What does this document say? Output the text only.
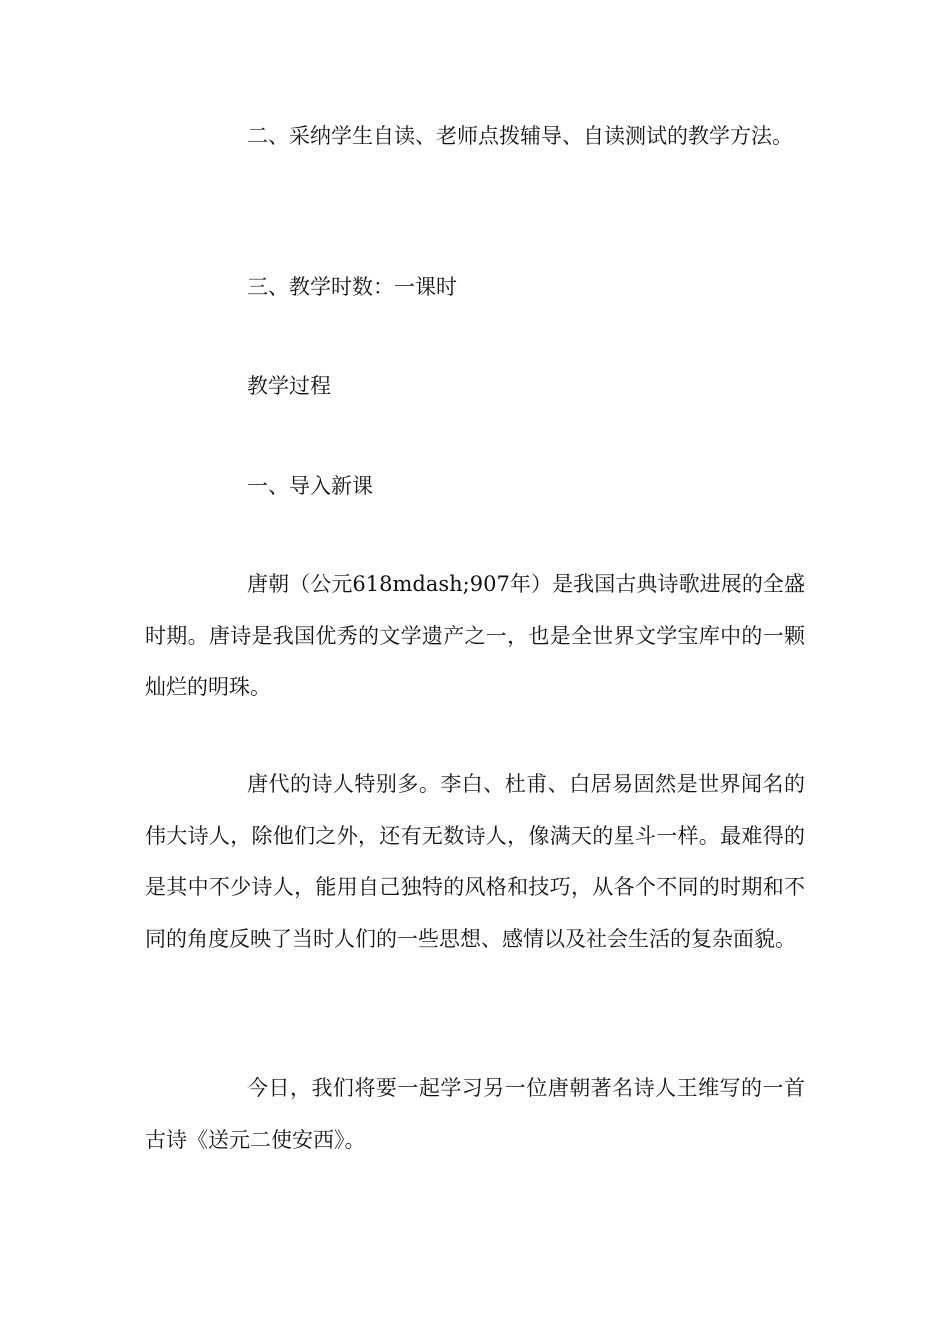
二、采纳学生自读、老师点拨辅导、自读测试的教学方法。

三、教学时数：一课时

教学过程

一、导入新课

唐朝（公元618mdash;907年）是我国古典诗歌进展的全盛时期。唐诗是我国优秀的文学遗产之一，也是全世界文学宝库中的一颗灿烂的明珠。

唐代的诗人特别多。李白、杜甫、白居易固然是世界闻名的伟大诗人，除他们之外，还有无数诗人，像满天的星斗一样。最难得的是其中不少诗人，能用自己独特的风格和技巧，从各个不同的时期和不同的角度反映了当时人们的一些思想、感情以及社会生活的复杂面貌。

今日，我们将要一起学习另一位唐朝著名诗人王维写的一首古诗《送元二使安西》。
